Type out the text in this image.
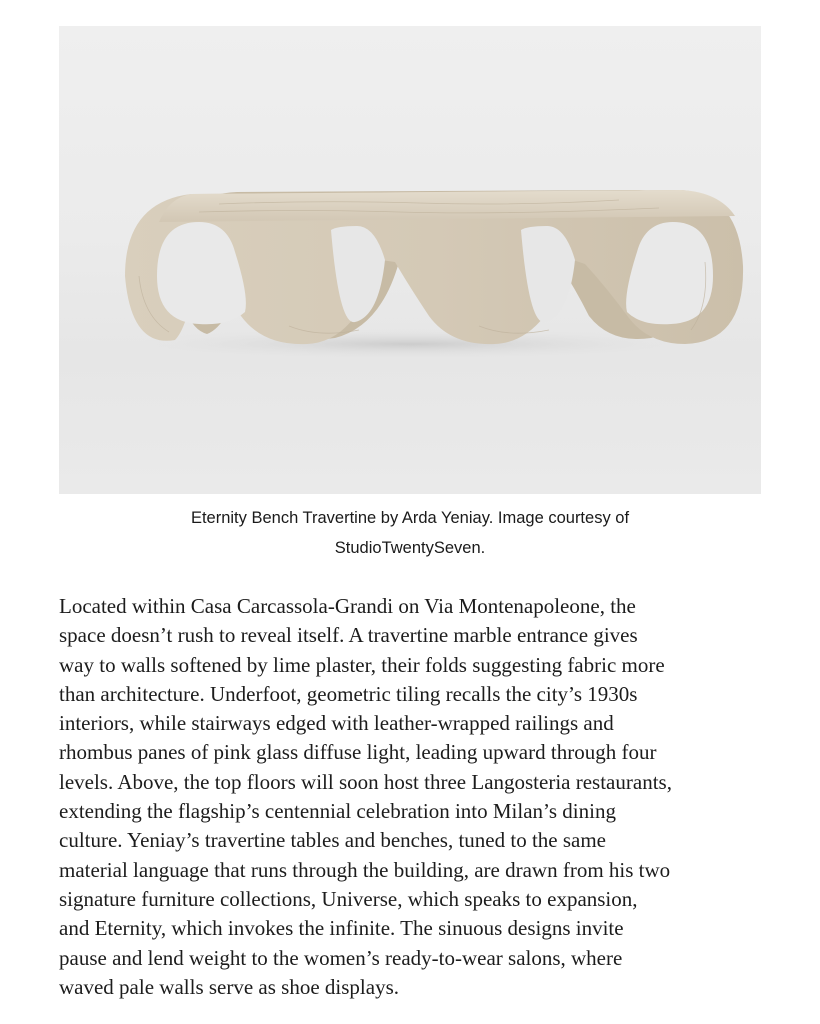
Eternity Bench Travertine by Arda Yeniay. Image courtesy of
StudioTwentySeven.
Located within Casa Carcassola-Grandi on Via Montenapoleone, the
space doesn’t rush to reveal itself. A travertine marble entrance gives
way to walls softened by lime plaster, their folds suggesting fabric more
than architecture. Underfoot, geometric tiling recalls the city’s 1930s
interiors, while stairways edged with leather-wrapped railings and
rhombus panes of pink glass diffuse light, leading upward through four
levels. Above, the top floors will soon host three Langosteria restaurants,
extending the flagship’s centennial celebration into Milan’s dining
culture. Yeniay’s travertine tables and benches, tuned to the same
material language that runs through the building, are drawn from his two
signature furniture collections, Universe, which speaks to expansion,
and Eternity, which invokes the infinite. The sinuous designs invite
pause and lend weight to the women’s ready-to-wear salons, where
waved pale walls serve as shoe displays.
